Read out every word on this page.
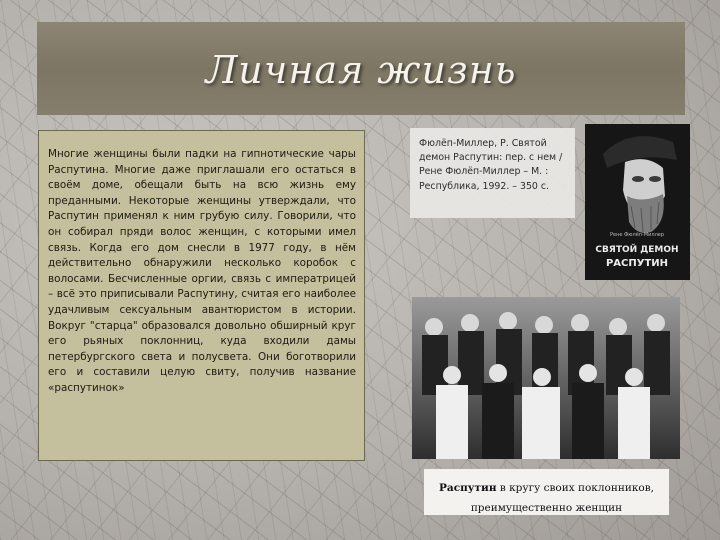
Личная жизнь

Многие женщины были падки на гипнотические чары Распутина. Многие даже приглашали его остаться в своём доме, обещали быть на всю жизнь ему преданными. Некоторые женщины утверждали, что Распутин применял к ним грубую силу. Говорили, что он собирал пряди волос женщин, с которыми имел связь. Когда его дом снесли в 1977 году, в нём действительно обнаружили несколько коробок с волосами. Бесчисленные оргии, связь с императрицей – всё это приписывали Распутину, считая его наиболее удачливым сексуальным авантюристом в истории. Вокруг "старца" образовался довольно обширный круг его рьяных поклонниц, куда входили дамы петербургского света и полусвета. Они боготворили его и составили целую свиту, получив название «распутинок»

Фюлёп-Миллер, Р. Святой демон Распутин: пер. с нем / Рене Фюлёп-Миллер – М. : Республика, 1992. – 350 с.

Рене Фюлёп-Миллер
СВЯТОЙ ДЕМОН
РАСПУТИН
Распутин в кругу своих поклонников, преимущественно женщин
